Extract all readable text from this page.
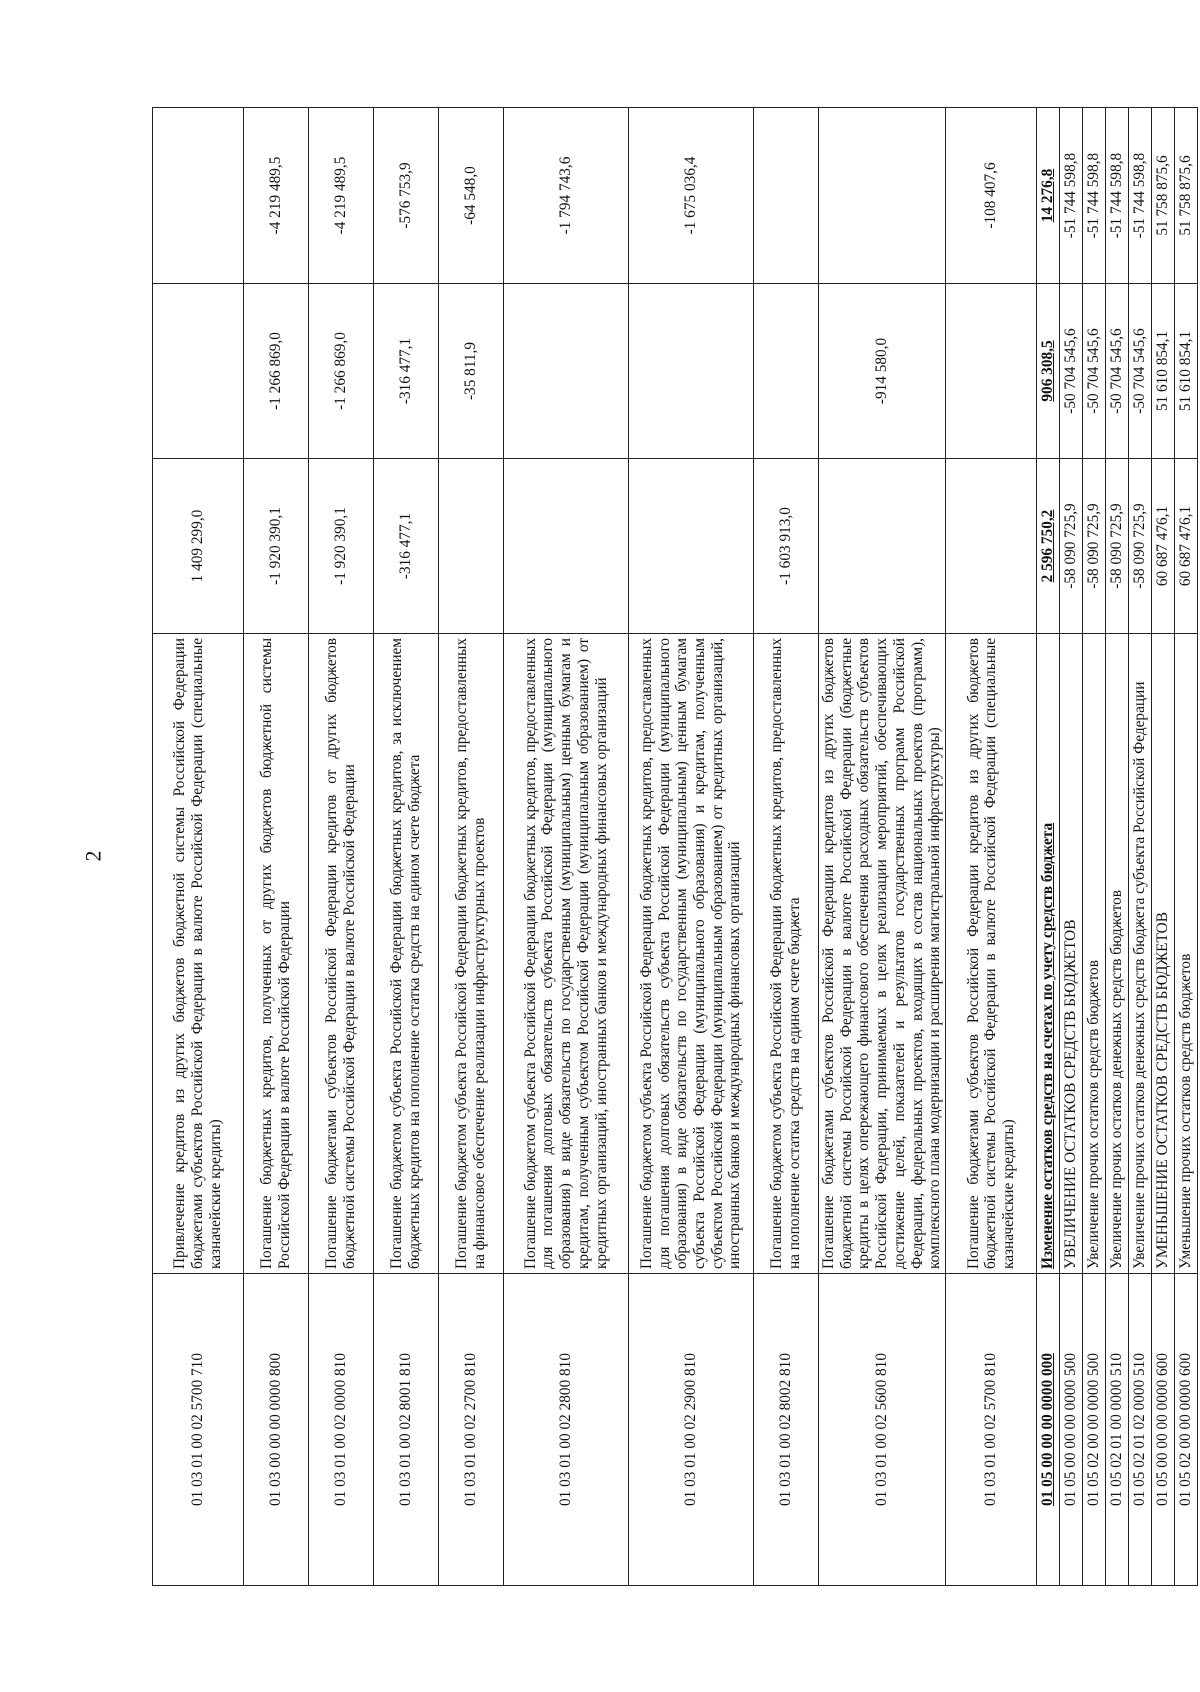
2
01 03 01 00 02 5700 710	Привлечение кредитов из других бюджетов бюджетной системы Российской Федерации бюджетами субъектов Российской Федерации в валюте Российской Федерации (специальные казначейские кредиты)	1 409 299,0		
01 03 00 00 00 0000 800	Погашение бюджетных кредитов, полученных от других бюджетов бюджетной системы Российской Федерации в валюте Российской Федерации	-1 920 390,1	-1 266 869,0	-4 219 489,5
01 03 01 00 02 0000 810	Погашение бюджетами субъектов Российской Федерации кредитов от других бюджетов бюджетной системы Российской Федерации в валюте Российской Федерации	-1 920 390,1	-1 266 869,0	-4 219 489,5
01 03 01 00 02 8001 810	Погашение бюджетом субъекта Российской Федерации бюджетных кредитов, за исключением бюджетных кредитов на пополнение остатка средств на едином счете бюджета	-316 477,1	-316 477,1	-576 753,9
01 03 01 00 02 2700 810	Погашение бюджетом субъекта Российской Федерации бюджетных кредитов, предоставленных на финансовое обеспечение реализации инфраструктурных проектов		-35 811,9	-64 548,0
01 03 01 00 02 2800 810	Погашение бюджетом субъекта Российской Федерации бюджетных кредитов, предоставленных для погашения долговых обязательств субъекта Российской Федерации (муниципального образования) в виде обязательств по государственным (муниципальным) ценным бумагам и кредитам, полученным субъектом Российской Федерации (муниципальным образованием) от кредитных организаций, иностранных банков и международных финансовых организаций			-1 794 743,6
01 03 01 00 02 2900 810	Погашение бюджетом субъекта Российской Федерации бюджетных кредитов, предоставленных для погашения долговых обязательств субъекта Российской Федерации (муниципального образования) в виде обязательств по государственным (муниципальным) ценным бумагам субъекта Российской Федерации (муниципального образования) и кредитам, полученным субъектом Российской Федерации (муниципальным образованием) от кредитных организаций, иностранных банков и международных финансовых организаций			-1 675 036,4
01 03 01 00 02 8002 810	Погашение бюджетом субъекта Российской Федерации бюджетных кредитов, предоставленных на пополнение остатка средств на едином счете бюджета	-1 603 913,0		
01 03 01 00 02 5600 810	Погашение бюджетами субъектов Российской Федерации кредитов из других бюджетов бюджетной системы Российской Федерации в валюте Российской Федерации (бюджетные кредиты в целях опережающего финансового обеспечения расходных обязательств субъектов Российской Федерации, принимаемых в целях реализации мероприятий, обеспечивающих достижение целей, показателей и результатов государственных программ Российской Федерации, федеральных проектов, входящих в состав национальных проектов (программ), комплексного плана модернизации и расширения магистральной инфраструктуры)		-914 580,0	
01 03 01 00 02 5700 810	Погашение бюджетами субъектов Российской Федерации кредитов из других бюджетов бюджетной системы Российской Федерации в валюте Российской Федерации (специальные казначейские кредиты)			-108 407,6
01 05 00 00 00 0000 000	Изменение остатков средств на счетах по учету средств бюджета	2 596 750,2	906 308,5	14 276,8
01 05 00 00 00 0000 500	УВЕЛИЧЕНИЕ ОСТАТКОВ СРЕДСТВ БЮДЖЕТОВ	-58 090 725,9	-50 704 545,6	-51 744 598,8
01 05 02 00 00 0000 500	Увеличение прочих остатков средств бюджетов	-58 090 725,9	-50 704 545,6	-51 744 598,8
01 05 02 01 00 0000 510	Увеличение прочих остатков денежных средств бюджетов	-58 090 725,9	-50 704 545,6	-51 744 598,8
01 05 02 01 02 0000 510	Увеличение прочих остатков денежных средств бюджета субъекта Российской Федерации	-58 090 725,9	-50 704 545,6	-51 744 598,8
01 05 00 00 00 0000 600	УМЕНЬШЕНИЕ ОСТАТКОВ СРЕДСТВ БЮДЖЕТОВ	60 687 476,1	51 610 854,1	51 758 875,6
01 05 02 00 00 0000 600	Уменьшение прочих остатков средств бюджетов	60 687 476,1	51 610 854,1	51 758 875,6
